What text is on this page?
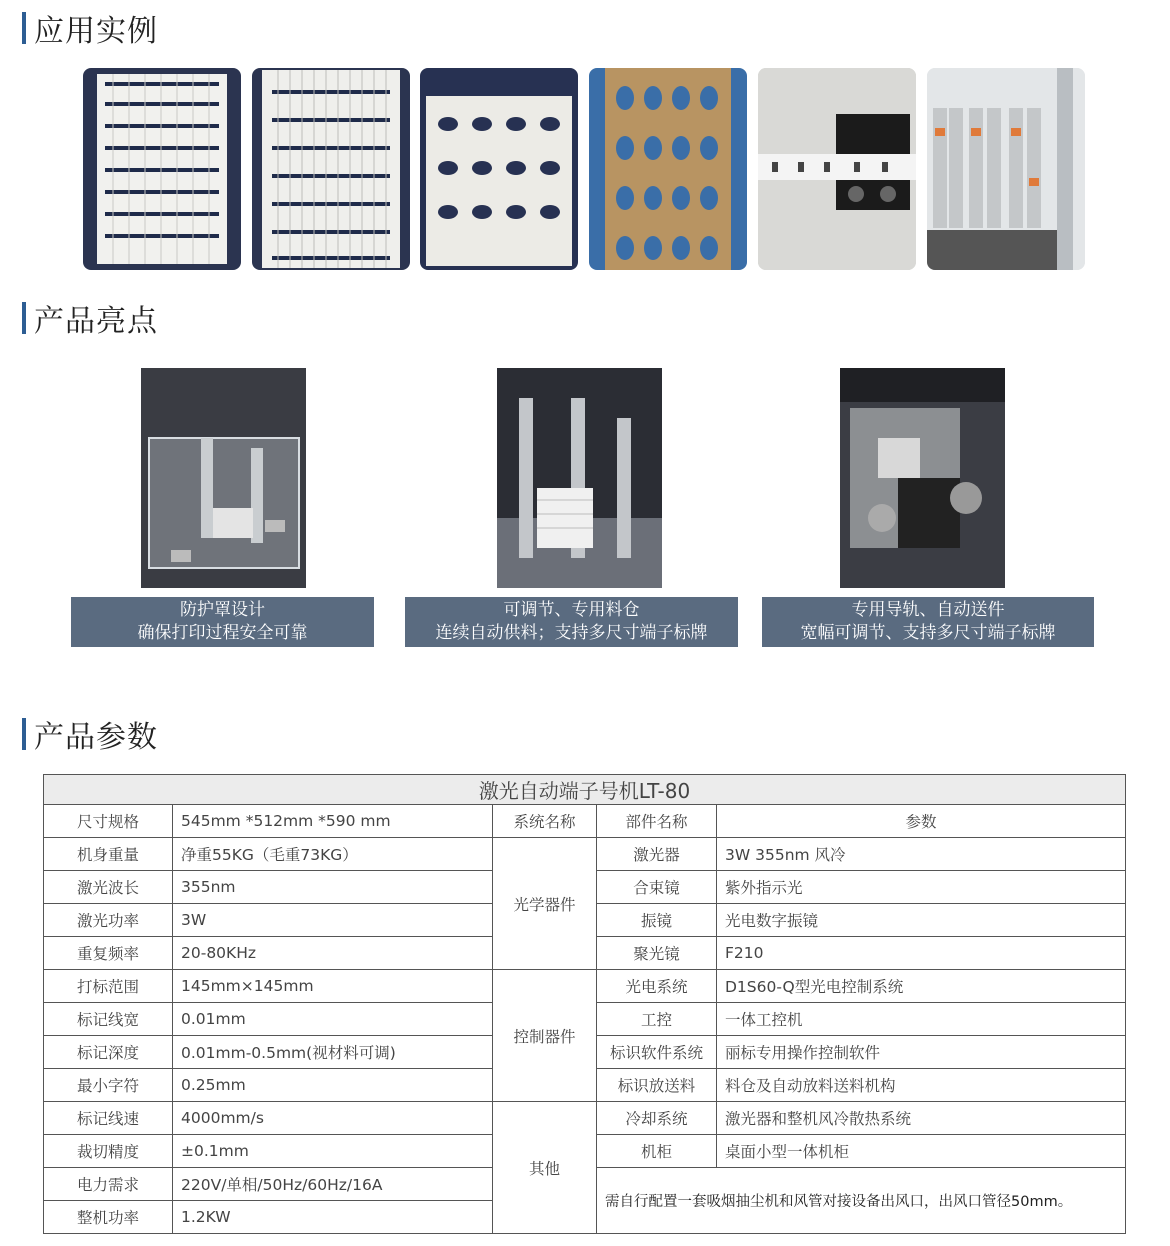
应用实例
产品亮点
防护罩设计
确保打印过程安全可靠
可调节、专用料仓
连续自动供料；支持多尺寸端子标牌
专用导轨、自动送件
宽幅可调节、支持多尺寸端子标牌
产品参数
激光自动端子号机LT-80				
尺寸规格	545mm *512mm *590 mm	系统名称	部件名称	参数
机身重量	净重55KG（毛重73KG）	光学器件	激光器	3W 355nm 风冷
激光波长	355nm		合束镜	紫外指示光
激光功率	3W		振镜	光电数字振镜
重复频率	20-80KHz		聚光镜	F210
打标范围	145mm×145mm	控制器件	光电系统	D1S60-Q型光电控制系统
标记线宽	0.01mm		工控	一体工控机
标记深度	0.01mm-0.5mm(视材料可调)		标识软件系统	丽标专用操作控制软件
最小字符	0.25mm		标识放送料	料仓及自动放料送料机构
标记线速	4000mm/s	其他	冷却系统	激光器和整机风冷散热系统
裁切精度	±0.1mm		机柜	桌面小型一体机柜
电力需求	220V/单相/50Hz/60Hz/16A		需自行配置一套吸烟抽尘机和风管对接设备出风口，出风口管径50mm。	
整机功率	1.2KW			
